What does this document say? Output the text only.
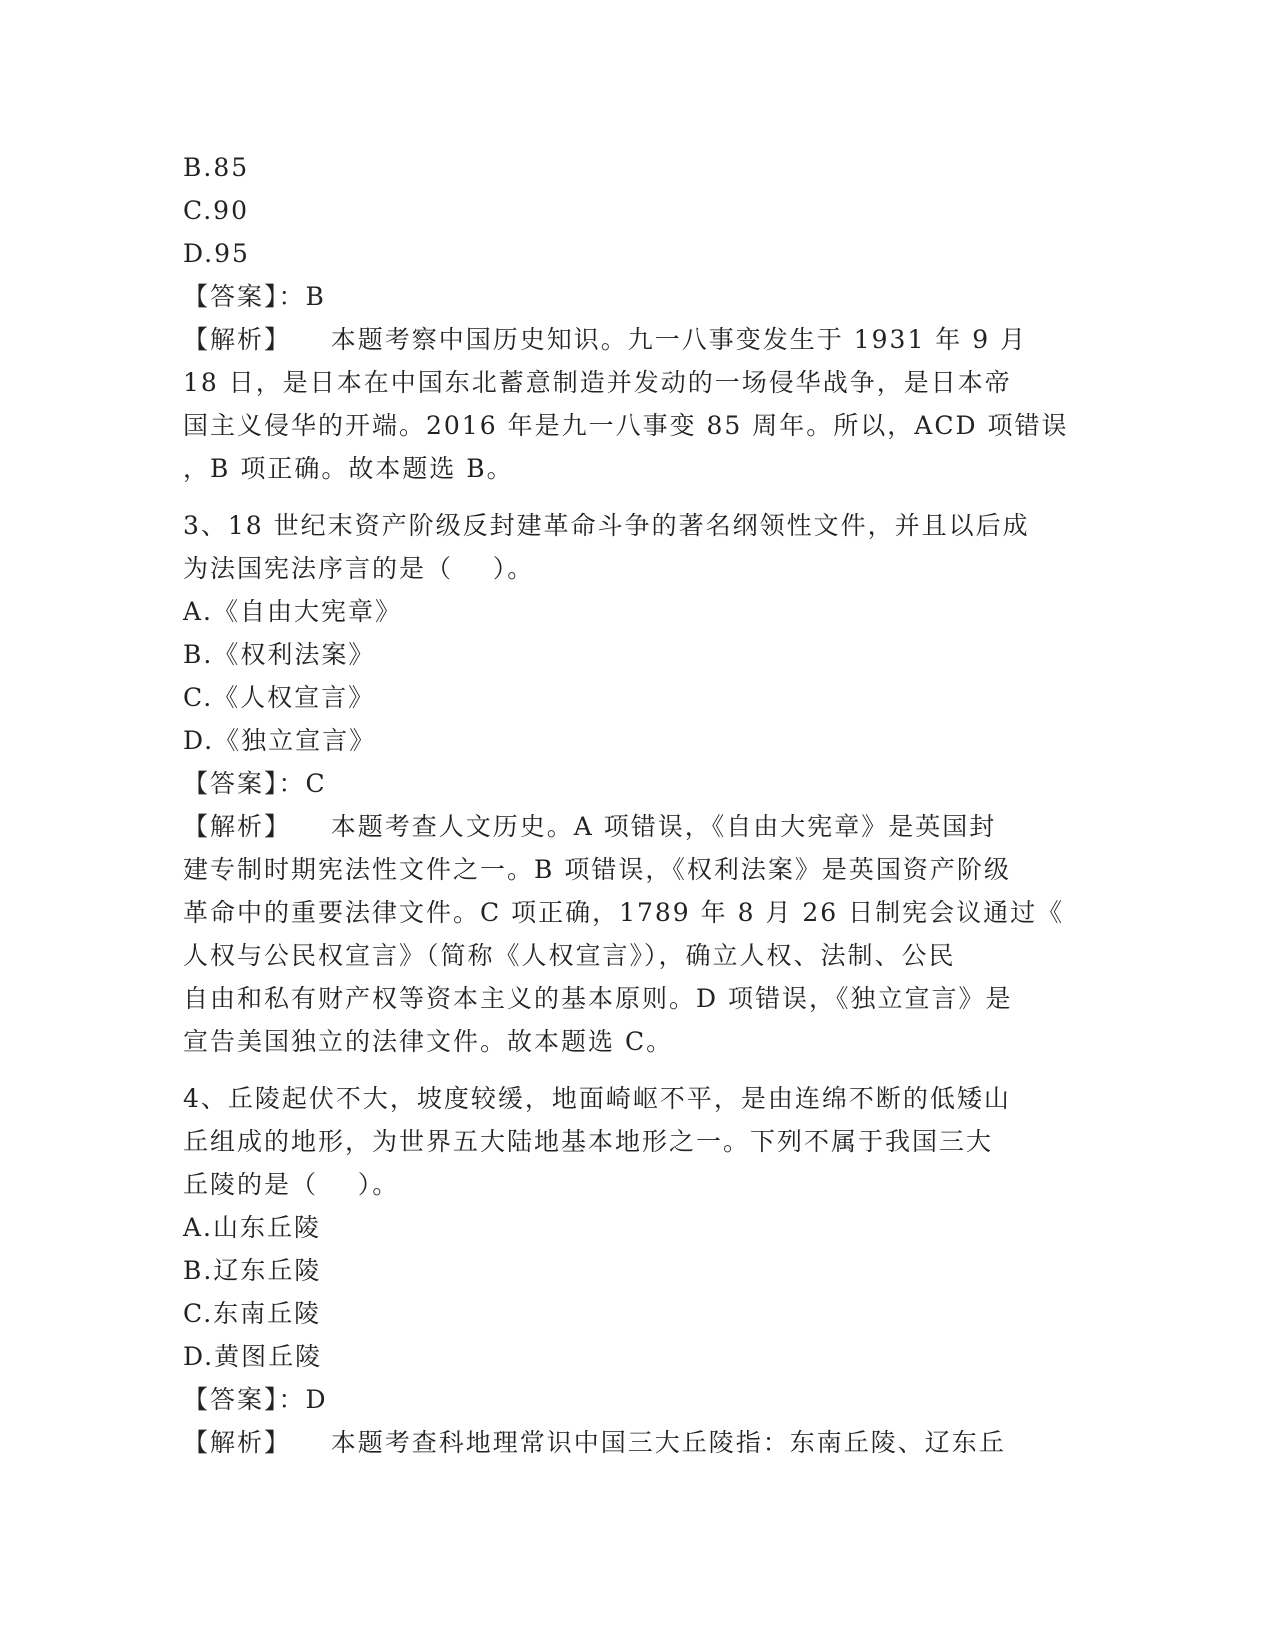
B.85

C.90

D.95

【答案】：B

【解析】    本题考察中国历史知识。九一八事变发生于 1931 年 9 月

18 日，是日本在中国东北蓄意制造并发动的一场侵华战争，是日本帝

国主义侵华的开端。2016 年是九一八事变 85 周年。所以，ACD 项错误

，B 项正确。故本题选 B。

3、18 世纪末资产阶级反封建革命斗争的著名纲领性文件，并且以后成

为法国宪法序言的是（    ）。

A.《自由大宪章》

B.《权利法案》

C.《人权宣言》

D.《独立宣言》

【答案】：C

【解析】    本题考查人文历史。A 项错误，《自由大宪章》是英国封

建专制时期宪法性文件之一。B 项错误，《权利法案》是英国资产阶级

革命中的重要法律文件。C 项正确，1789 年 8 月 26 日制宪会议通过《

人权与公民权宣言》（简称《人权宣言》），确立人权、法制、公民

自由和私有财产权等资本主义的基本原则。D 项错误，《独立宣言》是

宣告美国独立的法律文件。故本题选 C。

4、丘陵起伏不大，坡度较缓，地面崎岖不平，是由连绵不断的低矮山

丘组成的地形，为世界五大陆地基本地形之一。下列不属于我国三大

丘陵的是（    ）。

A.山东丘陵

B.辽东丘陵

C.东南丘陵

D.黄图丘陵

【答案】：D

【解析】    本题考查科地理常识中国三大丘陵指：东南丘陵、辽东丘
